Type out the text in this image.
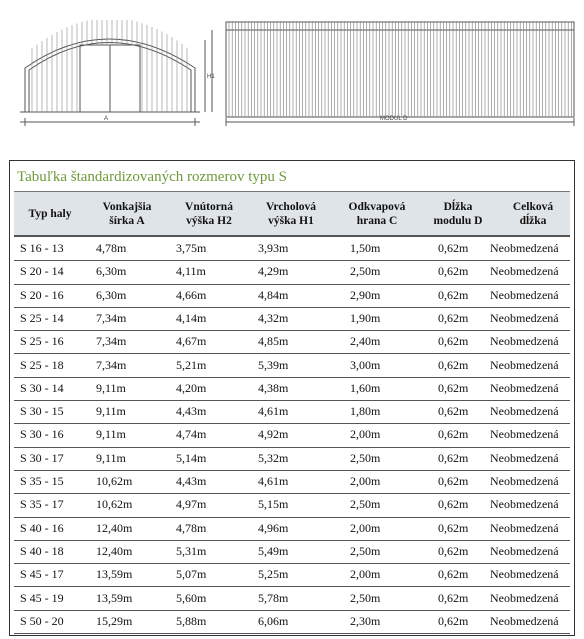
A
H1
MODUL D
Tabuľka štandardizovaných rozmerov typu S
Typ haly
Vonkajšia
šírka A
Vnútorná
výška H2
Vrcholová
výška H1
Odkvapová
hrana C
Dĺžka
modulu D
Celková
dĺžka
S 16 - 13	4,78m	3,75m	3,93m	1,50m	0,62m Neobmedzená
S 20 - 14	6,30m	4,11m	4,29m	2,50m	0,62m Neobmedzená
S 20 - 16	6,30m	4,66m	4,84m	2,90m	0,62m Neobmedzená
S 25 - 14	7,34m	4,14m	4,32m	1,90m	0,62m Neobmedzená
S 25 - 16	7,34m	4,67m	4,85m	2,40m	0,62m Neobmedzená
S 25 - 18	7,34m	5,21m	5,39m	3,00m	0,62m Neobmedzená
S 30 - 14	9,11m	4,20m	4,38m	1,60m	0,62m Neobmedzená
S 30 - 15	9,11m	4,43m	4,61m	1,80m	0,62m Neobmedzená
S 30 - 16	9,11m	4,74m	4,92m	2,00m	0,62m Neobmedzená
S 30 - 17	9,11m	5,14m	5,32m	2,50m	0,62m Neobmedzená
S 35 - 15	10,62m	4,43m	4,61m	2,00m	0,62m Neobmedzená
S 35 - 17	10,62m	4,97m	5,15m	2,50m	0,62m Neobmedzená
S 40 - 16	12,40m	4,78m	4,96m	2,00m	0,62m Neobmedzená
S 40 - 18	12,40m	5,31m	5,49m	2,50m	0,62m Neobmedzená
S 45 - 17	13,59m	5,07m	5,25m	2,00m	0,62m Neobmedzená
S 45 - 19	13,59m	5,60m	5,78m	2,50m	0,62m Neobmedzená
S 50 - 20	15,29m	5,88m	6,06m	2,30m	0,62m Neobmedzená
